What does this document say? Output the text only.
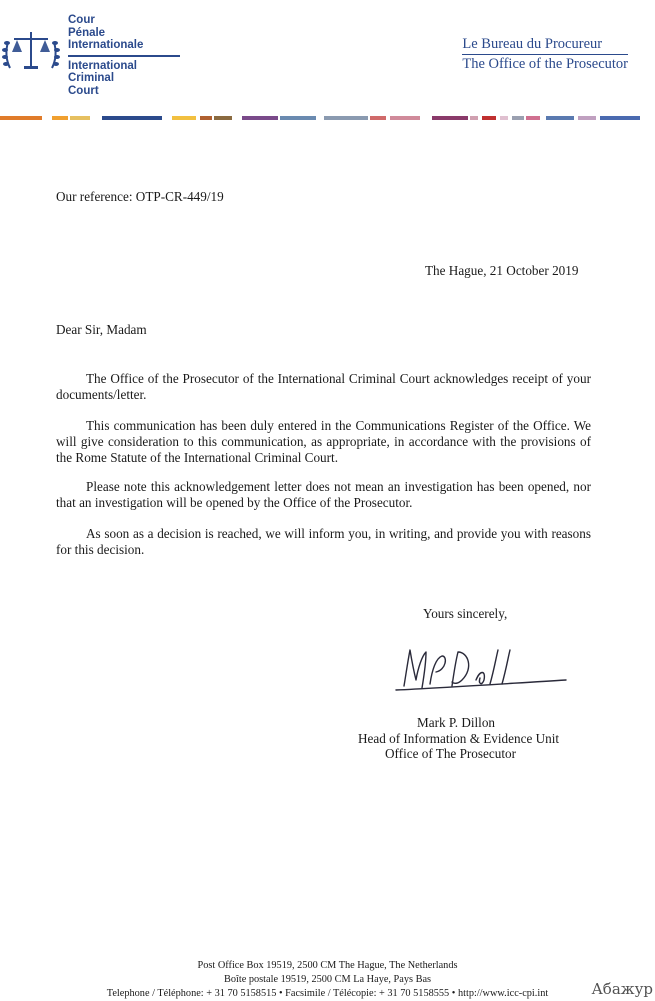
Cour
Pénale
Internationale
International
Criminal
Court
Le Bureau du Procureur
The Office of the Prosecutor
Our reference: OTP-CR-449/19
The Hague, 21 October 2019
Dear Sir, Madam
The Office of the Prosecutor of the International Criminal Court acknowledges receipt of your documents/letter.
This communication has been duly entered in the Communications Register of the Office. We will give consideration to this communication, as appropriate, in accordance with the provisions of the Rome Statute of the International Criminal Court.
Please note this acknowledgement letter does not mean an investigation has been opened, nor that an investigation will be opened by the Office of the Prosecutor.
As soon as a decision is reached, we will inform you, in writing, and provide you with reasons for this decision.
Yours sincerely,
Mark P. Dillon
Head of Information & Evidence Unit
Office of The Prosecutor
Post Office Box 19519, 2500 CM The Hague, The Netherlands
Boîte postale 19519, 2500 CM La Haye, Pays Bas
Telephone / Téléphone: + 31 70 5158515 • Facsimile / Télécopie: + 31 70 5158555 • http://www.icc-cpi.int	Абажур
